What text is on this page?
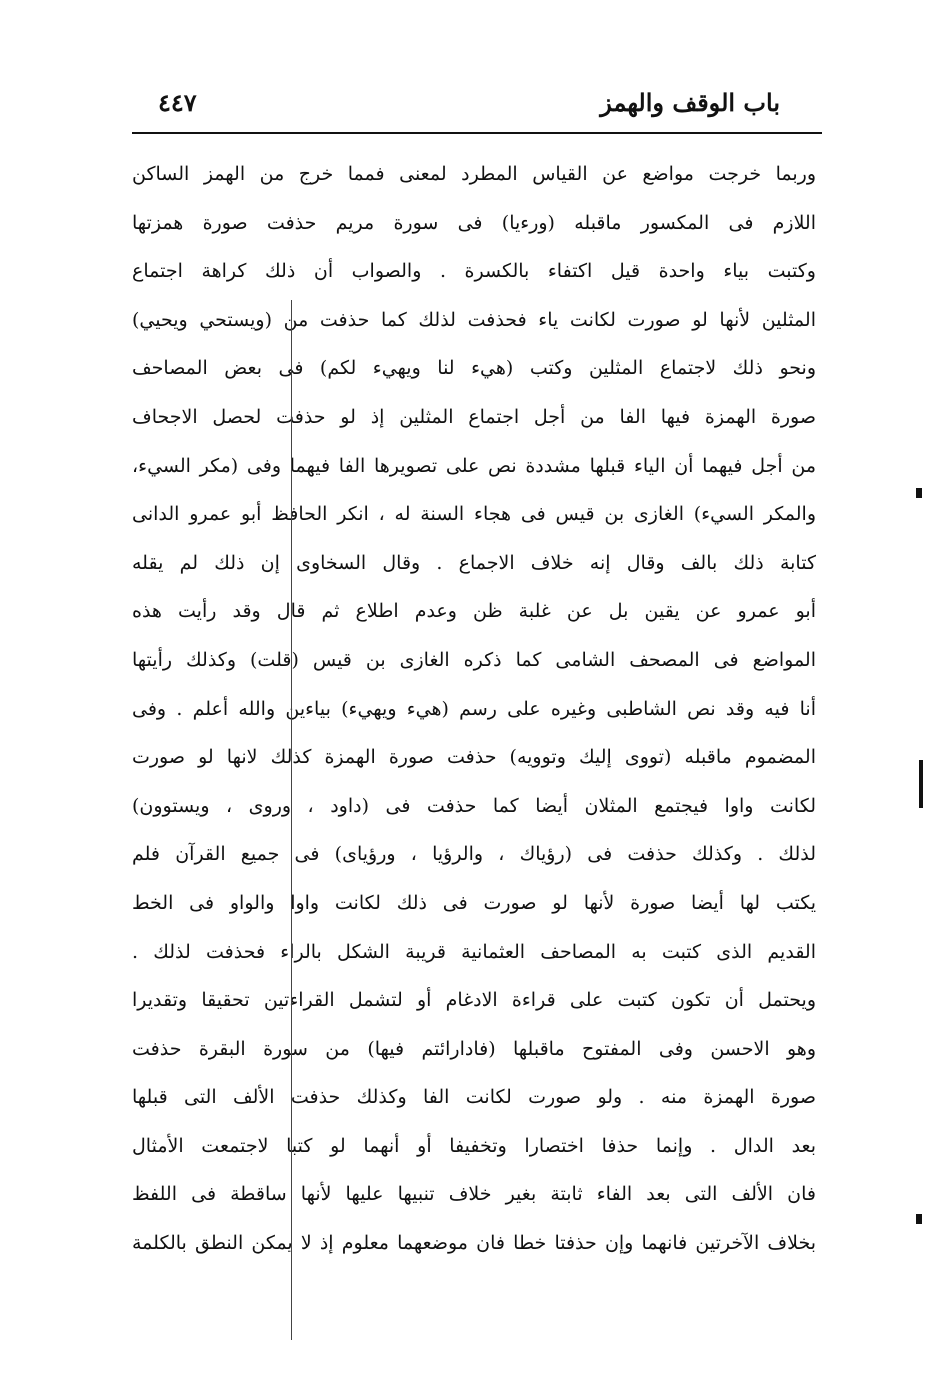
باب الوقف والهمز
٤٤٧
وربما خرجت مواضع عن القياس المطرد لمعنى فمما خرج من الهمز الساكن
اللازم فى المكسور ماقبله (ورءيا) فى سورة مريم حذفت صورة همزتها
وكتبت بياء واحدة قيل اكتفاء بالكسرة . والصواب أن ذلك كراهة اجتماع
المثلين لأنها لو صورت لكانت ياء فحذفت لذلك كما حذفت من (ويستحي ويحيي)
ونحو ذلك لاجتماع المثلين وكتب (هيء لنا ويهيء لكم) فى بعض المصاحف
صورة الهمزة فيها الفا من أجل اجتماع المثلين إذ لو حذفت لحصل الاجحاف
من أجل فيهما أن الياء قبلها مشددة نص على تصويرها الفا فيهما وفى (مكر السيء،
والمكر السيء) الغازى بن قيس فى هجاء السنة له ، انكر الحافظ أبو عمرو الدانى
كتابة ذلك بالف وقال إنه خلاف الاجماع . وقال السخاوى إن ذلك لم يقله
أبو عمرو عن يقين بل عن غلبة ظن وعدم اطلاع ثم قال وقد رأيت هذه
المواضع فى المصحف الشامى كما ذكره الغازى بن قيس (قلت) وكذلك رأيتها
أنا فيه وقد نص الشاطبى وغيره على رسم (هيء ويهيء) بياءين والله أعلم . وفى
المضموم ماقبله (تووى إليك وتوويه) حذفت صورة الهمزة كذلك لانها لو صورت
لكانت واوا فيجتمع المثلان أيضا كما حذفت فى (داود ، وروى ، ويستوون)
لذلك . وكذلك حذفت فى (رؤياك ، والرؤيا ، ورؤياى) فى جميع القرآن فلم
يكتب لها أيضا صورة لأنها لو صورت فى ذلك لكانت واوا والواو فى الخط
القديم الذى كتبت به المصاحف العثمانية قريبة الشكل بالراء فحذفت لذلك .
ويحتمل أن تكون كتبت على قراءة الادغام أو لتشمل القراءتين تحقيقا وتقديرا
وهو الاحسن وفى المفتوح ماقبلها (فادارائتم فيها) من سورة البقرة حذفت
صورة الهمزة منه . ولو صورت لكانت الفا وكذلك حذفت الألف التى قبلها
بعد الدال . وإنما حذفا اختصارا وتخفيفا أو أنهما لو كتبا لاجتمعت الأمثال
فان الألف التى بعد الفاء ثابتة بغير خلاف تنبيها عليها لأنها ساقطة فى اللفظ
بخلاف الآخرتين فانهما وإن حذفتا خطا فان موضعهما معلوم إذ لا يمكن النطق بالكلمة
